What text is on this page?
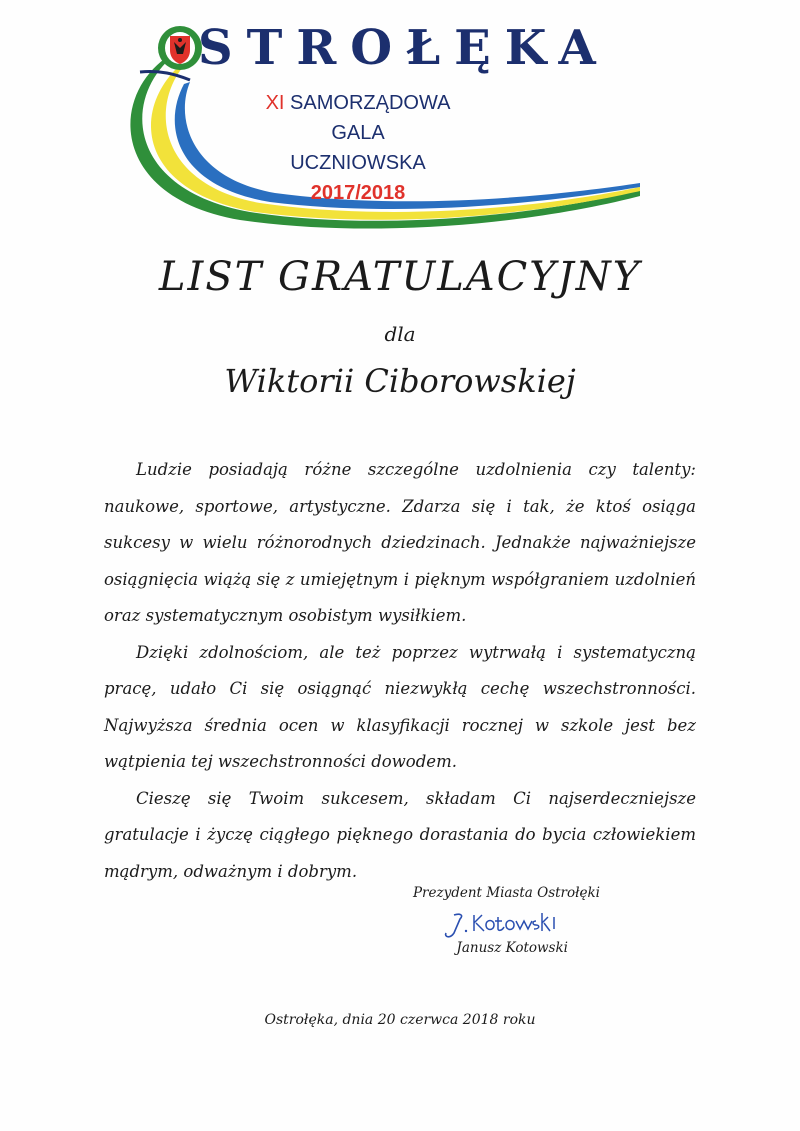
STROŁĘKA
XI SAMORZĄDOWA
GALA
UCZNIOWSKA
2017/2018
LIST GRATULACYJNY
dla
Wiktorii Ciborowskiej

Ludzie posiadają różne szczególne uzdolnienia czy talenty: naukowe, sportowe, artystyczne. Zdarza się i tak, że ktoś osiąga sukcesy w wielu różnorodnych dziedzinach. Jednakże najważniejsze osiągnięcia wiążą się z umiejętnym i pięknym współgraniem uzdolnień oraz systematycznym osobistym wysiłkiem.

Dzięki zdolnościom, ale też poprzez wytrwałą i systematyczną pracę, udało Ci się osiągnąć niezwykłą cechę wszechstronności. Najwyższa średnia ocen w klasyfikacji rocznej w szkole jest bez wątpienia tej wszechstronności dowodem.

Cieszę się Twoim sukcesem, składam Ci najserdeczniejsze gratulacje i życzę ciągłego pięknego dorastania do bycia człowiekiem mądrym, odważnym i dobrym.

Prezydent Miasta Ostrołęki
Janusz Kotowski
Ostrołęka, dnia 20 czerwca 2018 roku
